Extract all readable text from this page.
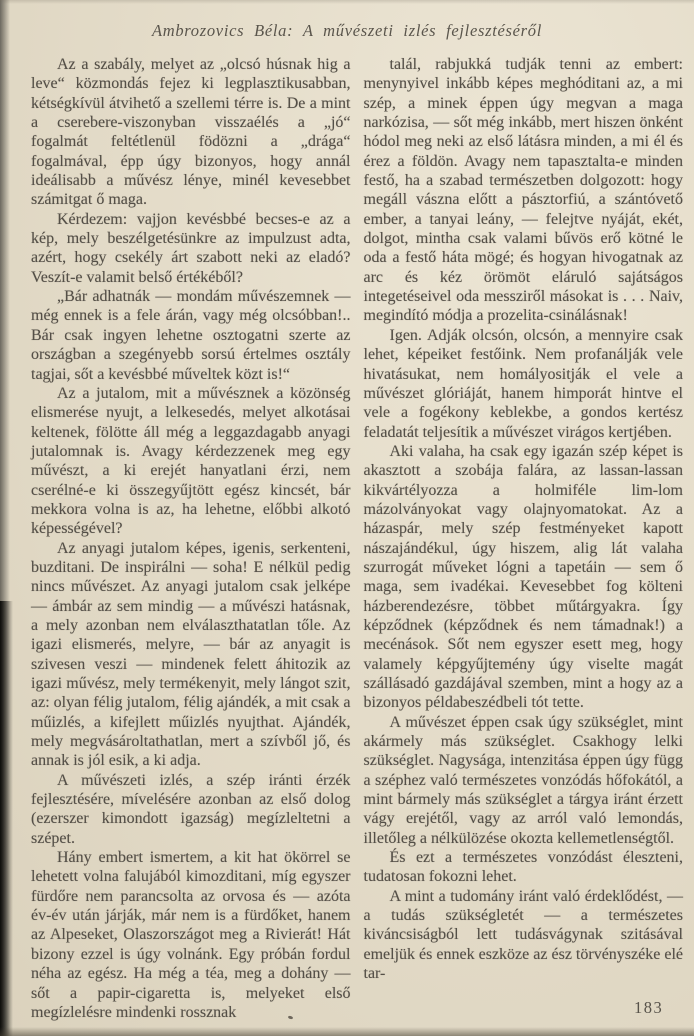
Ambrozovics Béla: A művészeti izlés fejlesztéséről

Az a szabály, melyet az „olcsó húsnak hig a leve“ közmondás fejez ki legplasztikusabban, kétségkívül átvihető a szellemi térre is. De a mint a cserebere-viszonyban visszaélés a „jó“ fogalmát feltétlenül födözni a „drága“ fogalmával, épp úgy bizonyos, hogy annál ideálisabb a művész lénye, minél kevesebbet számitgat ő maga.

Kérdezem: vajjon kevésbbé becses-e az a kép, mely beszélgetésünkre az impulzust adta, azért, hogy csekély árt szabott neki az eladó? Veszít-e valamit belső értékéből?

„Bár adhatnák — mondám művészemnek — még ennek is a fele árán, vagy még olcsóbban!.. Bár csak ingyen lehetne osztogatni szerte az országban a szegényebb sorsú értelmes osztály tagjai, sőt a kevésbbé műveltek közt is!“

Az a jutalom, mit a művésznek a közönség elismerése nyujt, a lelkesedés, melyet alkotásai keltenek, fölötte áll még a leggazdagabb anyagi jutalomnak is. Avagy kérdezzenek meg egy művészt, a ki erejét hanyatlani érzi, nem cserélné-e ki összegyűjtött egész kincsét, bár mekkora volna is az, ha lehetne, előbbi alkotó képességével?

Az anyagi jutalom képes, igenis, serkenteni, buzditani. De inspirálni — soha! E nélkül pedig nincs művészet. Az anyagi jutalom csak jelképe — ámbár az sem mindig — a művészi hatásnak, a mely azonban nem elválaszthatatlan tőle. Az igazi elismerés, melyre, — bár az anyagit is szivesen veszi — mindenek felett áhitozik az igazi művész, mely termékenyit, mely lángot szit, az: olyan félig jutalom, félig ajándék, a mit csak a műizlés, a kifejlett műizlés nyujthat. Ajándék, mely megvásároltathatlan, mert a szívből jő, és annak is jól esik, a ki adja.

A művészeti izlés, a szép iránti érzék fejlesztésére, mívelésére azonban az első dolog (ezerszer kimondott igazság) megízleltetni a szépet.

Hány embert ismertem, a kit hat ökörrel se lehetett volna falujából kimozditani, míg egyszer fürdőre nem parancsolta az orvosa és — azóta év-év után járják, már nem is a fürdőket, hanem az Alpeseket, Olaszországot meg a Rivierát! Hát bizony ezzel is úgy volnánk. Egy próbán fordul néha az egész. Ha még a téa, meg a dohány — sőt a papir-cigaretta is, melyeket első megízlelésre mindenki rossznak

talál, rabjukká tudják tenni az embert: menynyivel inkább képes meghóditani az, a mi szép, a minek éppen úgy megvan a maga narkózisa, — sőt még inkább, mert hiszen önként hódol meg neki az első látásra minden, a mi él és érez a földön. Avagy nem tapasztalta-e minden festő, ha a szabad természetben dolgozott: hogy megáll vászna előtt a pásztorfiú, a szántóvető ember, a tanyai leány, — felejtve nyáját, ekét, dolgot, mintha csak valami bűvös erő kötné le oda a festő háta mögé; és hogyan hivogatnak az arc és kéz örömöt eláruló sajátságos integetéseivel oda messziről másokat is . . . Naiv, megindító módja a prozelita-csinálásnak!

Igen. Adják olcsón, olcsón, a mennyire csak lehet, képeiket festőink. Nem profanálják vele hivatásukat, nem homályositják el vele a művészet glóriáját, hanem himporát hintve el vele a fogékony keblekbe, a gondos kertész feladatát teljesítik a művészet virágos kertjében.

Aki valaha, ha csak egy igazán szép képet is akasztott a szobája falára, az lassan-lassan kikvártélyozza a holmiféle lim-lom mázolványokat vagy olajnyomatokat. Az a házaspár, mely szép festményeket kapott nászajándékul, úgy hiszem, alig lát valaha szurrogát műveket lógni a tapetáin — sem ő maga, sem ivadékai. Kevesebbet fog költeni házberendezésre, többet műtárgyakra. Így képződnek (képződnek és nem támadnak!) a mecénások. Sőt nem egyszer esett meg, hogy valamely képgyűjtemény úgy viselte magát szállásadó gazdájával szemben, mint a hogy az a bizonyos példabeszédbeli tót tette.

A művészet éppen csak úgy szükséglet, mint akármely más szükséglet. Csakhogy lelki szükséglet. Nagysága, intenzitása éppen úgy függ a széphez való természetes vonzódás hőfokától, a mint bármely más szükséglet a tárgya iránt érzett vágy erejétől, vagy az arról való lemondás, illetőleg a nélkülözése okozta kellemetlenségtől.

És ezt a természetes vonzódást éleszteni, tudatosan fokozni lehet.

A mint a tudomány iránt való érdeklődést, — a tudás szükségletét — a természetes kiváncsiságból lett tudásvágynak szitásával emeljük és ennek eszköze az ész törvényszéke elé tar-

183
